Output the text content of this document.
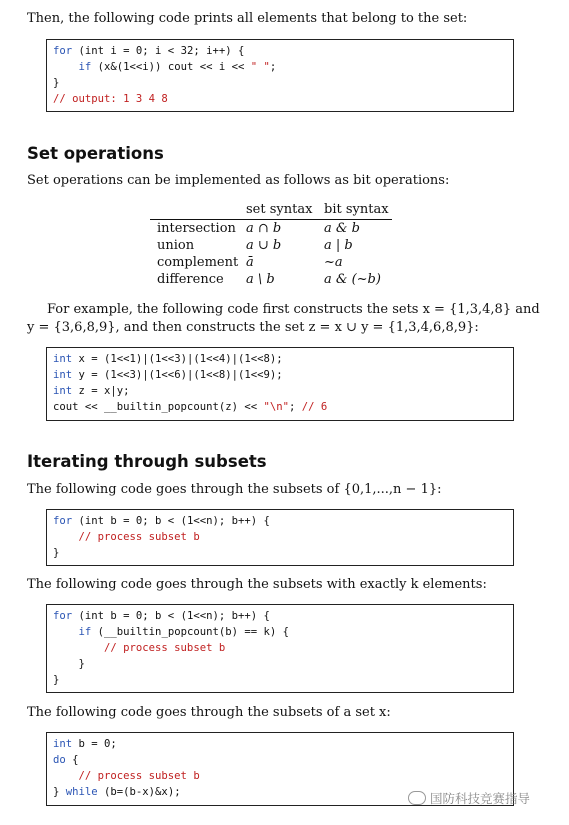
Then, the following code prints all elements that belong to the set:
for (int i = 0; i < 32; i++) {
if (x&(1<<i)) cout << i << " ";
}
// output: 1 3 4 8
Set operations
Set operations can be implemented as follows as bit operations:
set syntax bit syntax
intersection a ∩ b	a & b
union	a ∪ b	a | b
complement ā	~a
difference a \ b	a & (~b)
For example, the following code first constructs the sets x = {1,3,4,8} and
y = {3,6,8,9}, and then constructs the set z = x ∪ y = {1,3,4,6,8,9}:
int x = (1<<1)|(1<<3)|(1<<4)|(1<<8);
int y = (1<<3)|(1<<6)|(1<<8)|(1<<9);
int z = x|y;
cout << __builtin_popcount(z) << "\n"; // 6
Iterating through subsets
The following code goes through the subsets of {0,1,...,n − 1}:
for (int b = 0; b < (1<<n); b++) {
// process subset b
}
The following code goes through the subsets with exactly k elements:
for (int b = 0; b < (1<<n); b++) {
if (__builtin_popcount(b) == k) {
// process subset b
}
}
The following code goes through the subsets of a set x:
int b = 0;
do {
// process subset b
} while (b=(b-x)&x);	国防科技竞赛指导
